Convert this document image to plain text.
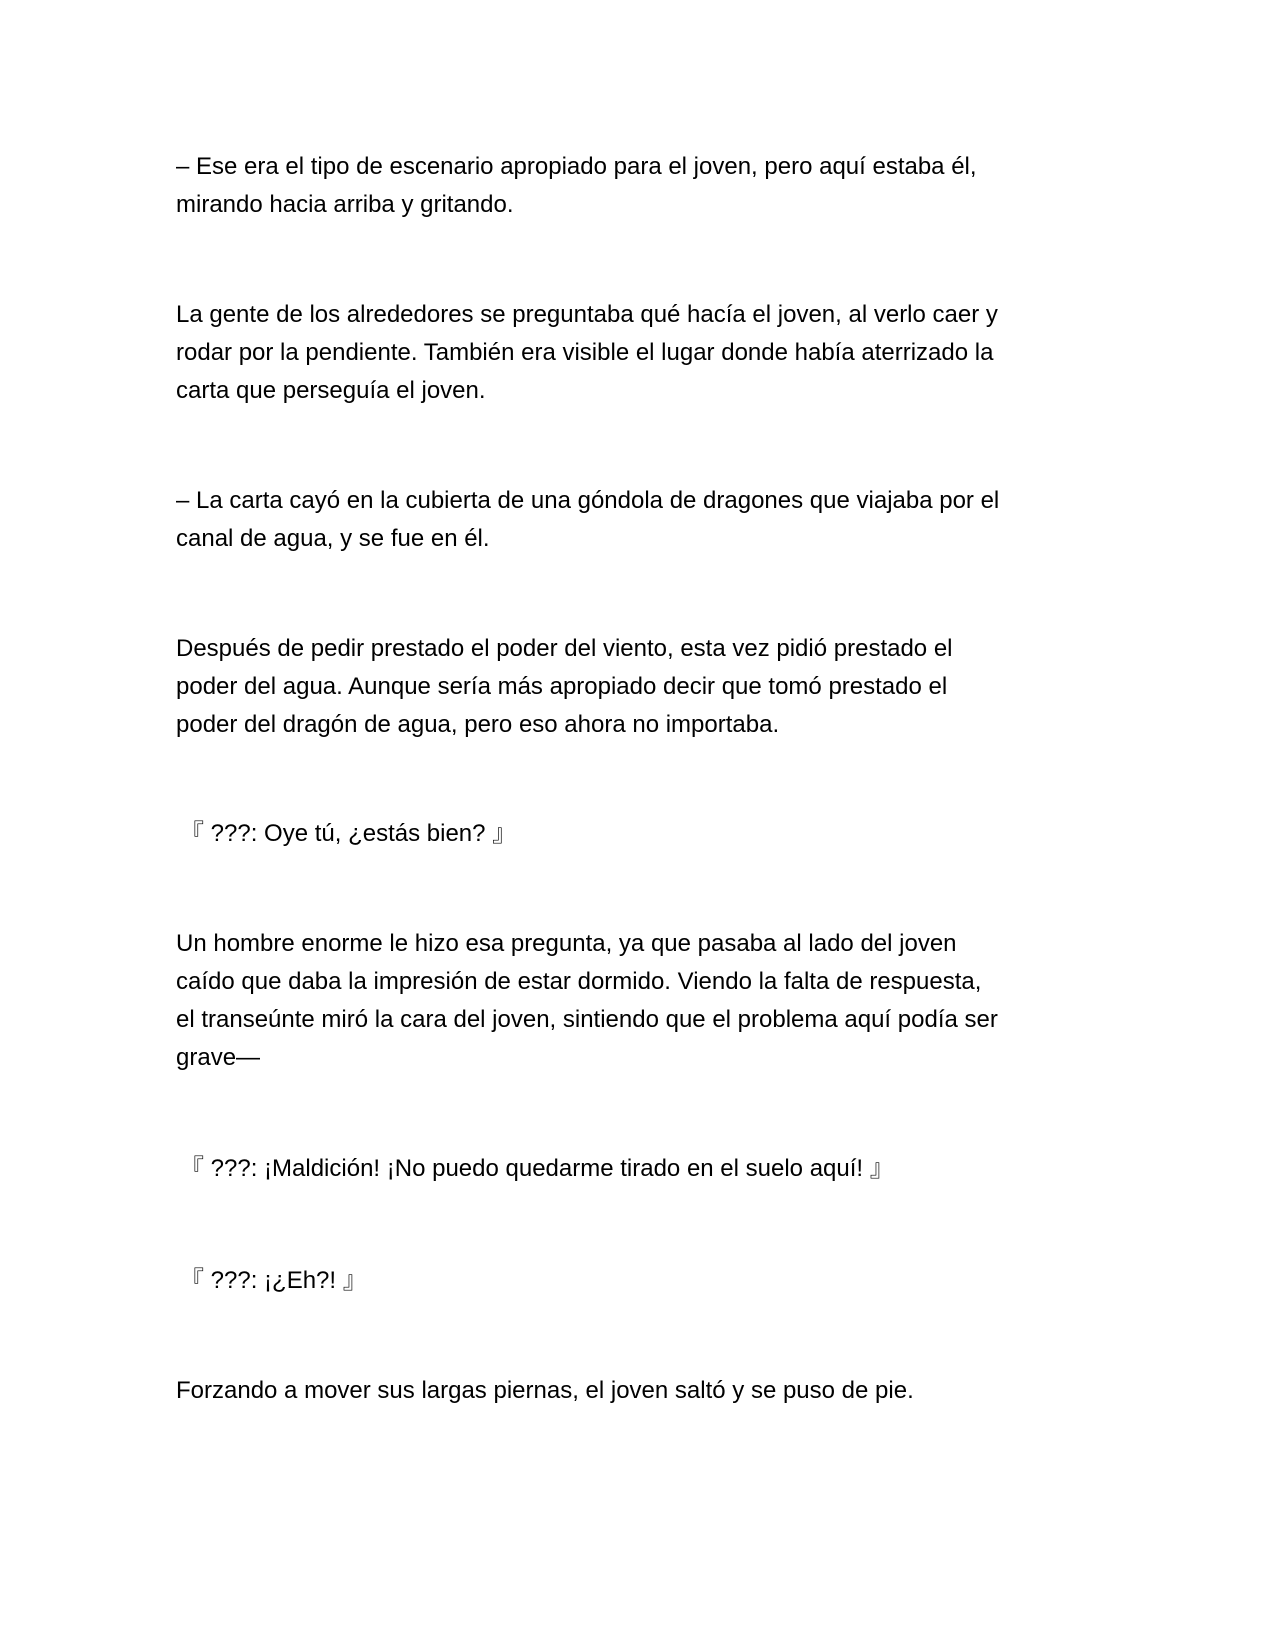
– Ese era el tipo de escenario apropiado para el joven, pero aquí estaba él,
mirando hacia arriba y gritando.

La gente de los alrededores se preguntaba qué hacía el joven, al verlo caer y
rodar por la pendiente. También era visible el lugar donde había aterrizado la
carta que perseguía el joven.

– La carta cayó en la cubierta de una góndola de dragones que viajaba por el
canal de agua, y se fue en él.

Después de pedir prestado el poder del viento, esta vez pidió prestado el
poder del agua. Aunque sería más apropiado decir que tomó prestado el
poder del dragón de agua, pero eso ahora no importaba.

『 ???: Oye tú, ¿estás bien? 』

Un hombre enorme le hizo esa pregunta, ya que pasaba al lado del joven
caído que daba la impresión de estar dormido. Viendo la falta de respuesta,
el transeúnte miró la cara del joven, sintiendo que el problema aquí podía ser
grave—

『 ???: ¡Maldición! ¡No puedo quedarme tirado en el suelo aquí! 』

『 ???: ¡¿Eh?! 』

Forzando a mover sus largas piernas, el joven saltó y se puso de pie.
